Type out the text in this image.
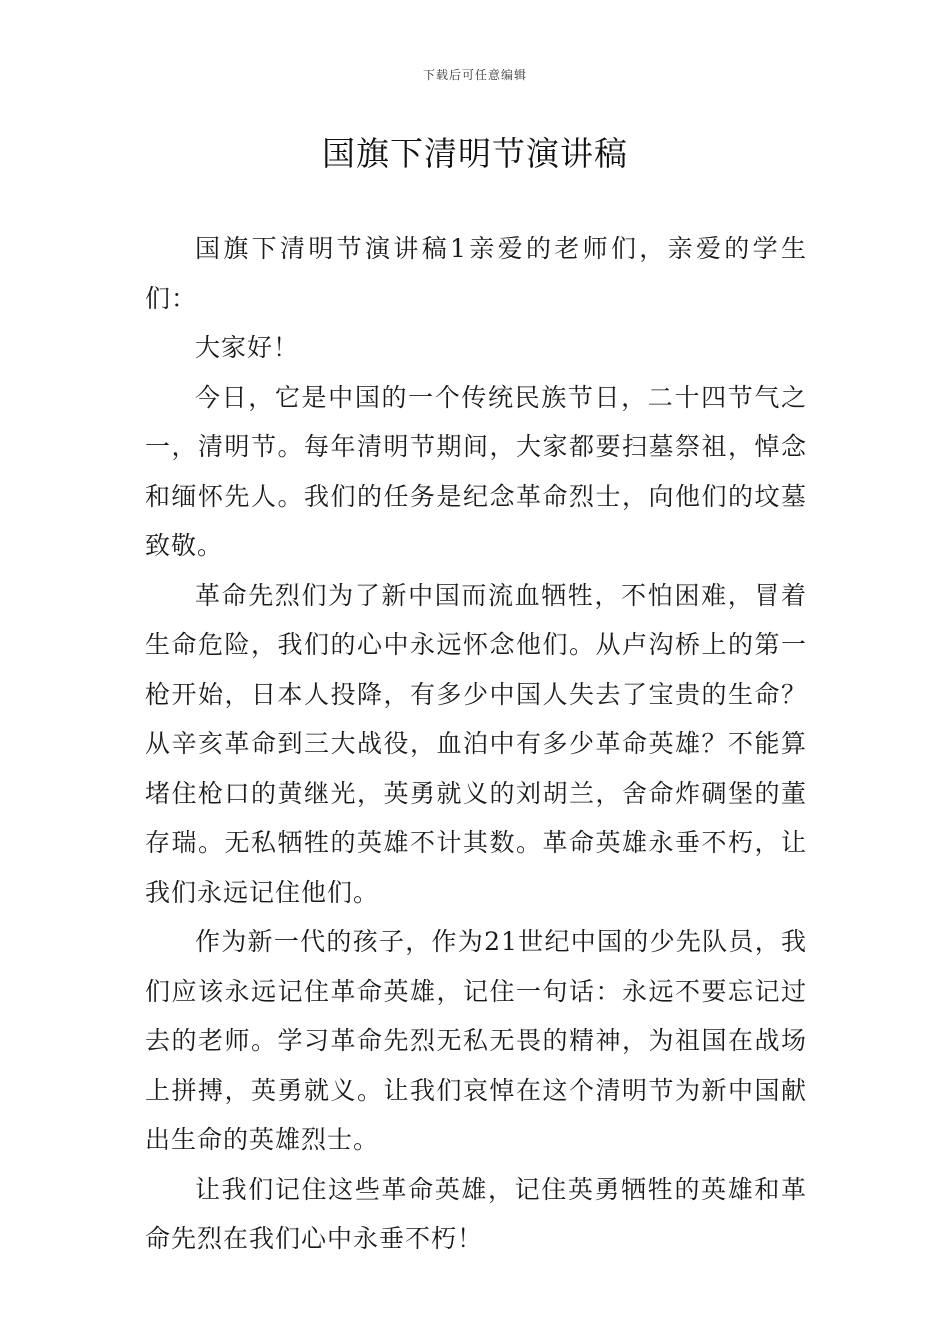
下载后可任意编辑
国旗下清明节演讲稿

国旗下清明节演讲稿1亲爱的老师们，亲爱的学生们：

大家好！

今日，它是中国的一个传统民族节日，二十四节气之一，清明节。每年清明节期间，大家都要扫墓祭祖，悼念和缅怀先人。我们的任务是纪念革命烈士，向他们的坟墓致敬。

革命先烈们为了新中国而流血牺牲，不怕困难，冒着生命危险，我们的心中永远怀念他们。从卢沟桥上的第一枪开始，日本人投降，有多少中国人失去了宝贵的生命？从辛亥革命到三大战役，血泊中有多少革命英雄？不能算堵住枪口的黄继光，英勇就义的刘胡兰，舍命炸碉堡的董存瑞。无私牺牲的英雄不计其数。革命英雄永垂不朽，让我们永远记住他们。

作为新一代的孩子，作为21世纪中国的少先队员，我们应该永远记住革命英雄，记住一句话：永远不要忘记过去的老师。学习革命先烈无私无畏的精神，为祖国在战场上拼搏，英勇就义。让我们哀悼在这个清明节为新中国献出生命的英雄烈士。

让我们记住这些革命英雄，记住英勇牺牲的英雄和革命先烈在我们心中永垂不朽！
